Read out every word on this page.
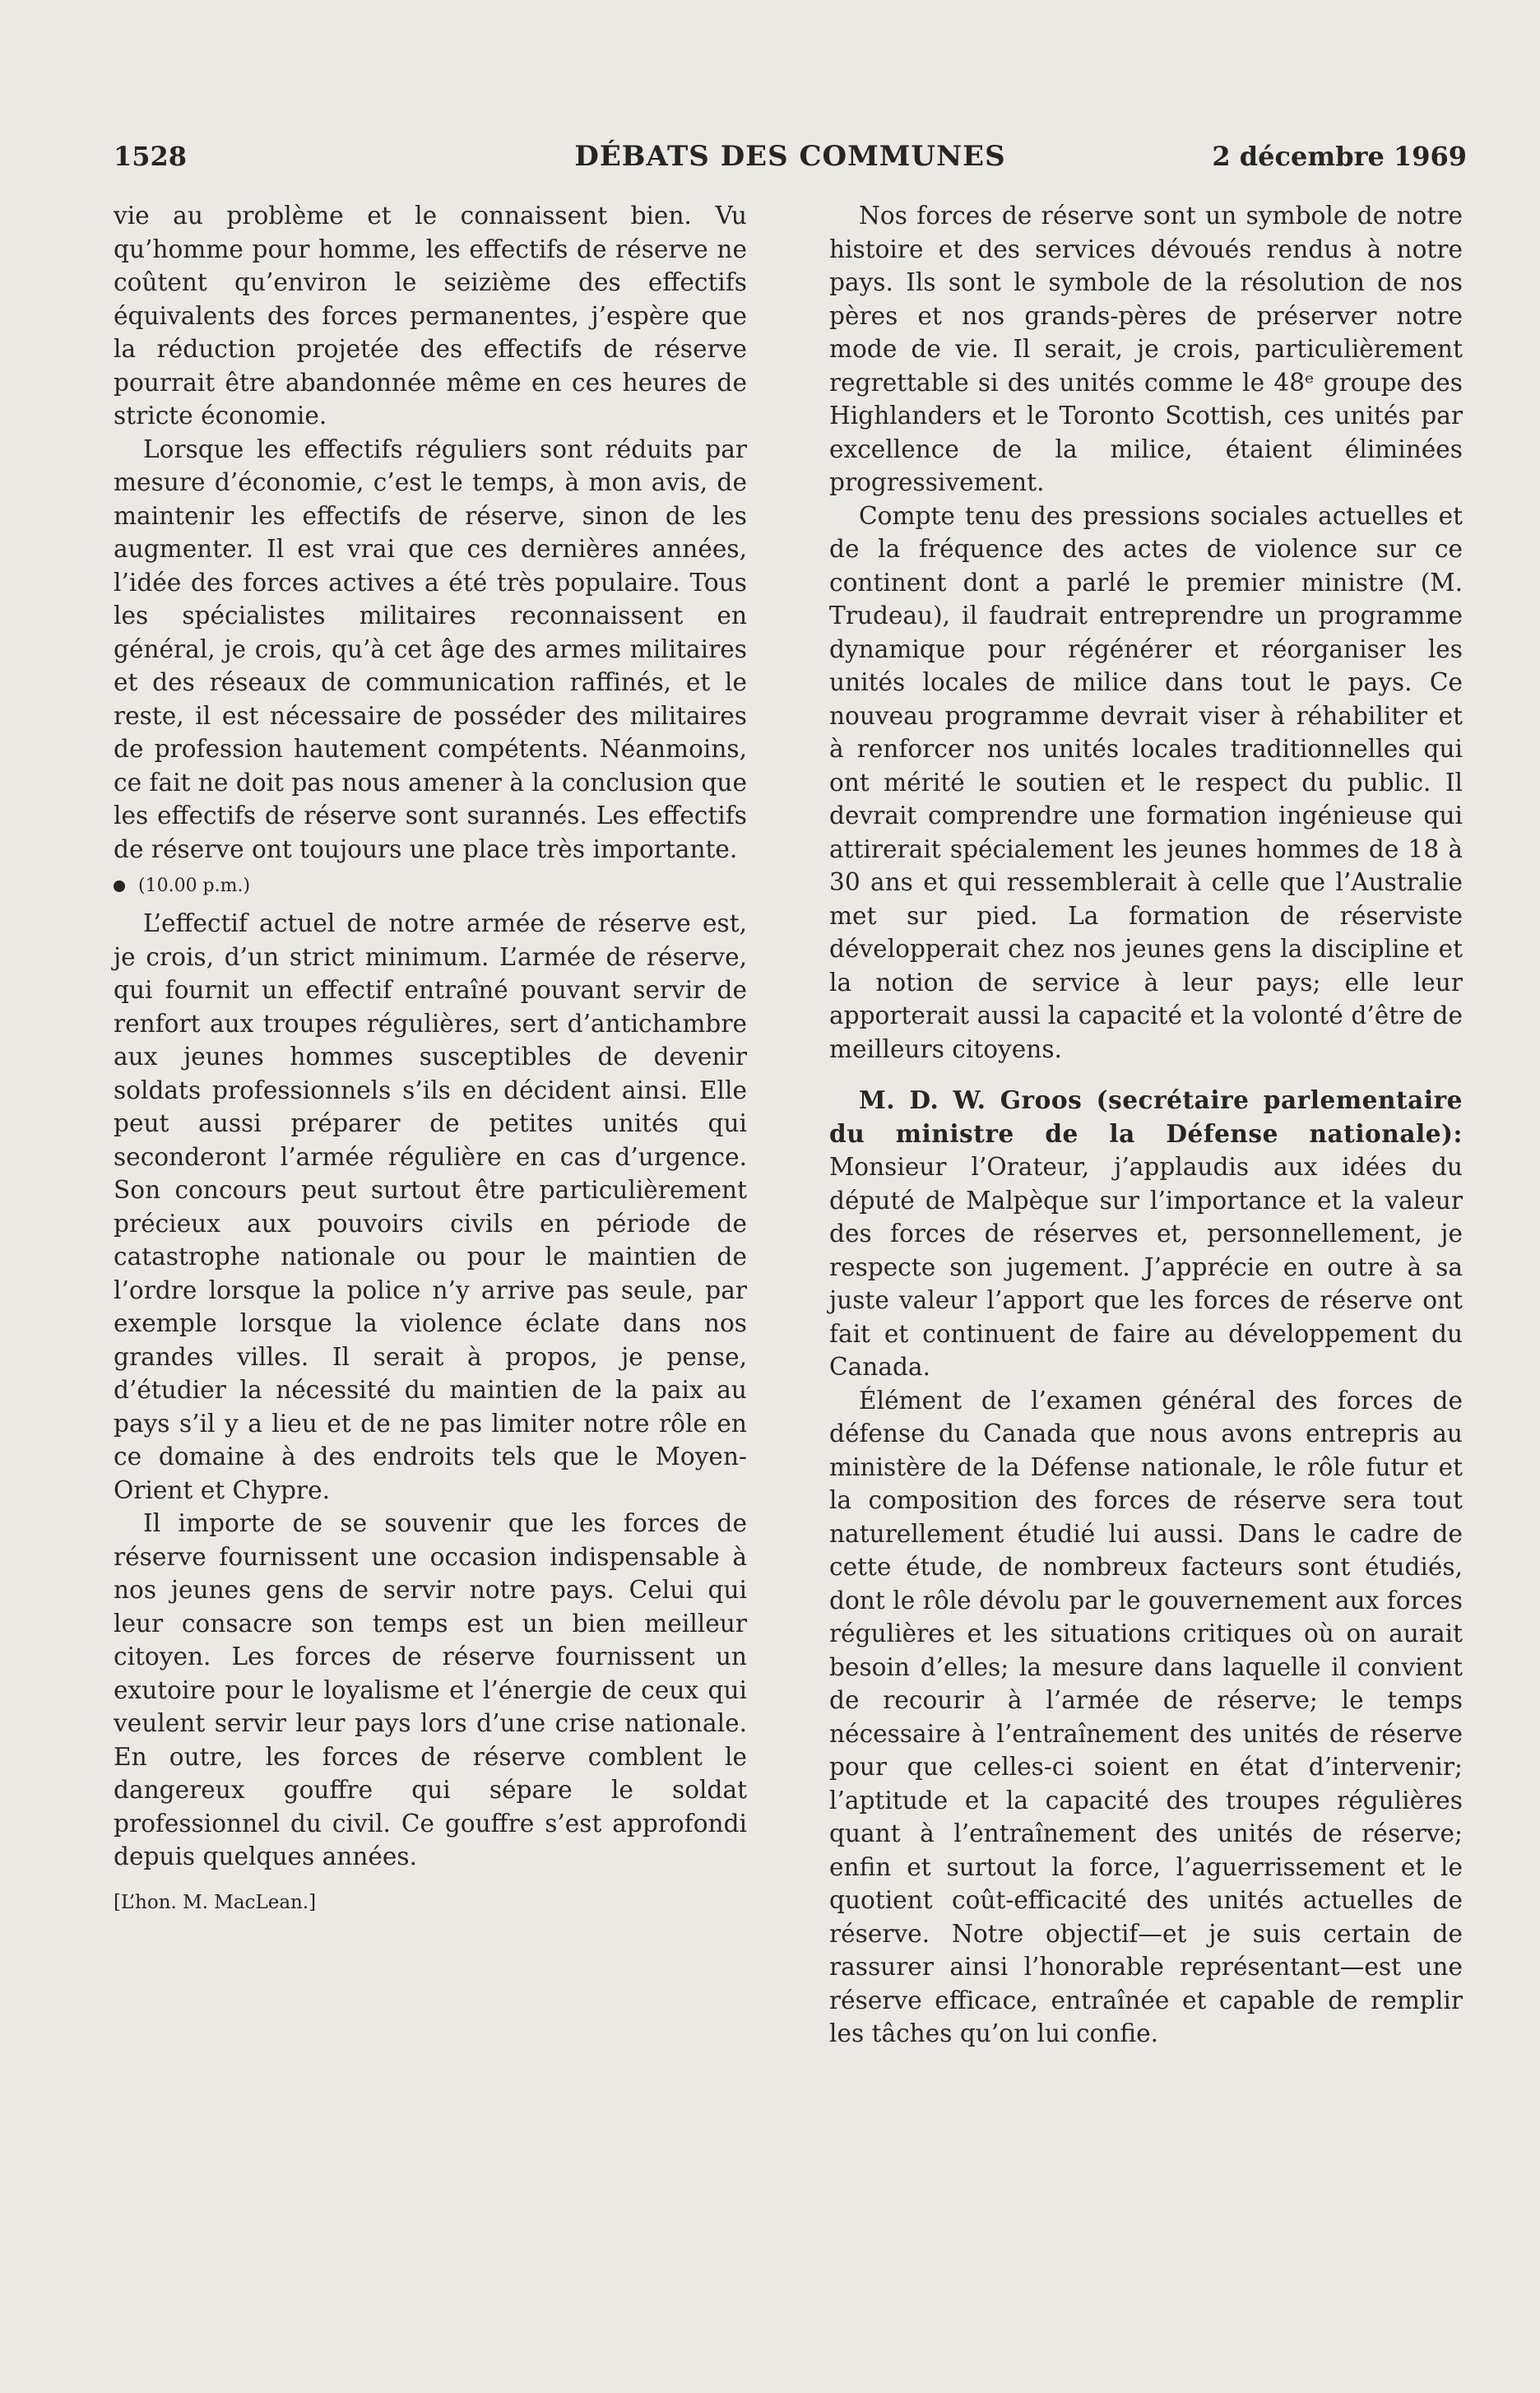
1528	DÉBATS DES COMMUNES	2 décembre 1969

vie au problème et le connaissent bien. Vu qu’homme pour homme, les effectifs de réserve ne coûtent qu’environ le seizième des effectifs équivalents des forces permanentes, j’espère que la réduction projetée des effectifs de réserve pourrait être abandonnée même en ces heures de stricte économie.

Lorsque les effectifs réguliers sont réduits par mesure d’économie, c’est le temps, à mon avis, de maintenir les effectifs de réserve, sinon de les augmenter. Il est vrai que ces dernières années, l’idée des forces actives a été très populaire. Tous les spécialistes militaires reconnaissent en général, je crois, qu’à cet âge des armes militaires et des réseaux de communication raffinés, et le reste, il est nécessaire de posséder des militaires de profession hautement compétents. Néanmoins, ce fait ne doit pas nous amener à la conclusion que les effectifs de réserve sont surannés. Les effectifs de réserve ont toujours une place très importante.

(10.00 p.m.)

L’effectif actuel de notre armée de réserve est, je crois, d’un strict minimum. L’armée de réserve, qui fournit un effectif entraîné pouvant servir de renfort aux troupes régulières, sert d’antichambre aux jeunes hommes susceptibles de devenir soldats professionnels s’ils en décident ainsi. Elle peut aussi préparer de petites unités qui seconderont l’armée régulière en cas d’urgence. Son concours peut surtout être particulièrement précieux aux pouvoirs civils en période de catastrophe nationale ou pour le maintien de l’ordre lorsque la police n’y arrive pas seule, par exemple lorsque la violence éclate dans nos grandes villes. Il serait à propos, je pense, d’étudier la nécessité du maintien de la paix au pays s’il y a lieu et de ne pas limiter notre rôle en ce domaine à des endroits tels que le Moyen-Orient et Chypre.

Il importe de se souvenir que les forces de réserve fournissent une occasion indispensable à nos jeunes gens de servir notre pays. Celui qui leur consacre son temps est un bien meilleur citoyen. Les forces de réserve fournissent un exutoire pour le loyalisme et l’énergie de ceux qui veulent servir leur pays lors d’une crise nationale. En outre, les forces de réserve comblent le dangereux gouffre qui sépare le soldat professionnel du civil. Ce gouffre s’est approfondi depuis quelques années.

[L’hon. M. MacLean.]

Nos forces de réserve sont un symbole de notre histoire et des services dévoués rendus à notre pays. Ils sont le symbole de la résolution de nos pères et nos grands-pères de préserver notre mode de vie. Il serait, je crois, particulièrement regrettable si des unités comme le 48ᵉ groupe des Highlanders et le Toronto Scottish, ces unités par excellence de la milice, étaient éliminées progressivement.

Compte tenu des pressions sociales actuelles et de la fréquence des actes de violence sur ce continent dont a parlé le premier ministre (M. Trudeau), il faudrait entreprendre un programme dynamique pour régénérer et réorganiser les unités locales de milice dans tout le pays. Ce nouveau programme devrait viser à réhabiliter et à renforcer nos unités locales traditionnelles qui ont mérité le soutien et le respect du public. Il devrait comprendre une formation ingénieuse qui attirerait spécialement les jeunes hommes de 18 à 30 ans et qui ressemblerait à celle que l’Australie met sur pied. La formation de réserviste développerait chez nos jeunes gens la discipline et la notion de service à leur pays; elle leur apporterait aussi la capacité et la volonté d’être de meilleurs citoyens.

M. D. W. Groos (secrétaire parlementaire du ministre de la Défense nationale): Monsieur l’Orateur, j’applaudis aux idées du député de Malpèque sur l’importance et la valeur des forces de réserves et, personnellement, je respecte son jugement. J’apprécie en outre à sa juste valeur l’apport que les forces de réserve ont fait et continuent de faire au développement du Canada.

Élément de l’examen général des forces de défense du Canada que nous avons entrepris au ministère de la Défense nationale, le rôle futur et la composition des forces de réserve sera tout naturellement étudié lui aussi. Dans le cadre de cette étude, de nombreux facteurs sont étudiés, dont le rôle dévolu par le gouvernement aux forces régulières et les situations critiques où on aurait besoin d’elles; la mesure dans laquelle il convient de recourir à l’armée de réserve; le temps nécessaire à l’entraînement des unités de réserve pour que celles-ci soient en état d’intervenir; l’aptitude et la capacité des troupes régulières quant à l’entraînement des unités de réserve; enfin et surtout la force, l’aguerrissement et le quotient coût-efficacité des unités actuelles de réserve. Notre objectif—et je suis certain de rassurer ainsi l’honorable représentant—est une réserve efficace, entraînée et capable de remplir les tâches qu’on lui confie.
